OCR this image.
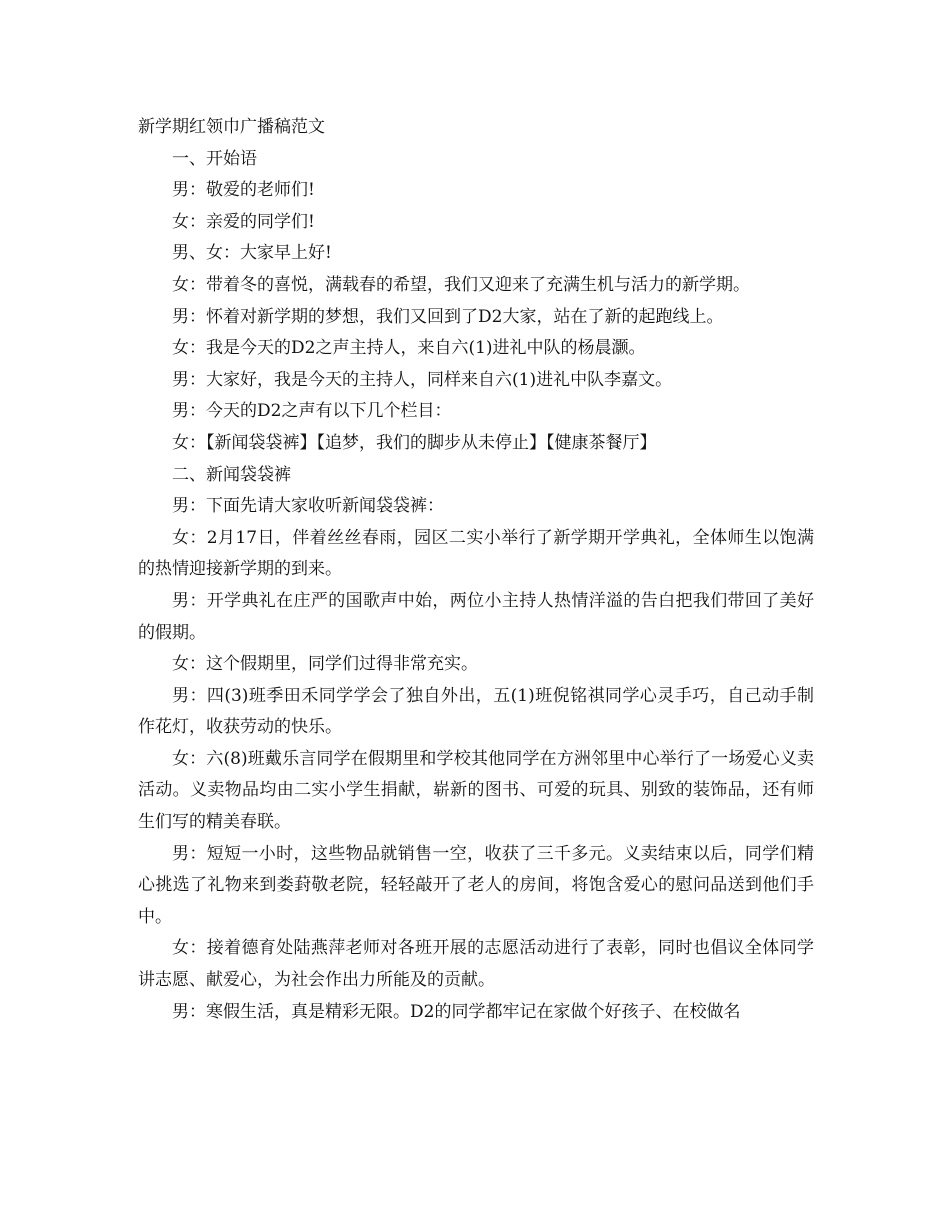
新学期红领巾广播稿范文

一、开始语

男：敬爱的老师们!

女：亲爱的同学们!

男、女：大家早上好!

女：带着冬的喜悦，满载春的希望，我们又迎来了充满生机与活力的新学期。

男：怀着对新学期的梦想，我们又回到了D2大家，站在了新的起跑线上。

女：我是今天的D2之声主持人，来自六(1)进礼中队的杨晨灏。

男：大家好，我是今天的主持人，同样来自六(1)进礼中队李嘉文。

男：今天的D2之声有以下几个栏目：

女：【新闻袋袋裤】【追梦，我们的脚步从未停止】【健康茶餐厅】

二、新闻袋袋裤

男：下面先请大家收听新闻袋袋裤：

女：2月17日，伴着丝丝春雨，园区二实小举行了新学期开学典礼，全体师生以饱满的热情迎接新学期的到来。

男：开学典礼在庄严的国歌声中始，两位小主持人热情洋溢的告白把我们带回了美好的假期。

女：这个假期里，同学们过得非常充实。

男：四(3)班季田禾同学学会了独自外出，五(1)班倪铭祺同学心灵手巧，自己动手制作花灯，收获劳动的快乐。

女：六(8)班戴乐言同学在假期里和学校其他同学在方洲邻里中心举行了一场爱心义卖活动。义卖物品均由二实小学生捐献，崭新的图书、可爱的玩具、别致的装饰品，还有师生们写的精美春联。

男：短短一小时，这些物品就销售一空，收获了三千多元。义卖结束以后，同学们精心挑选了礼物来到娄葑敬老院，轻轻敲开了老人的房间，将饱含爱心的慰问品送到他们手中。

女：接着德育处陆燕萍老师对各班开展的志愿活动进行了表彰，同时也倡议全体同学讲志愿、献爱心，为社会作出力所能及的贡献。

男：寒假生活，真是精彩无限。D2的同学都牢记在家做个好孩子、在校做名
